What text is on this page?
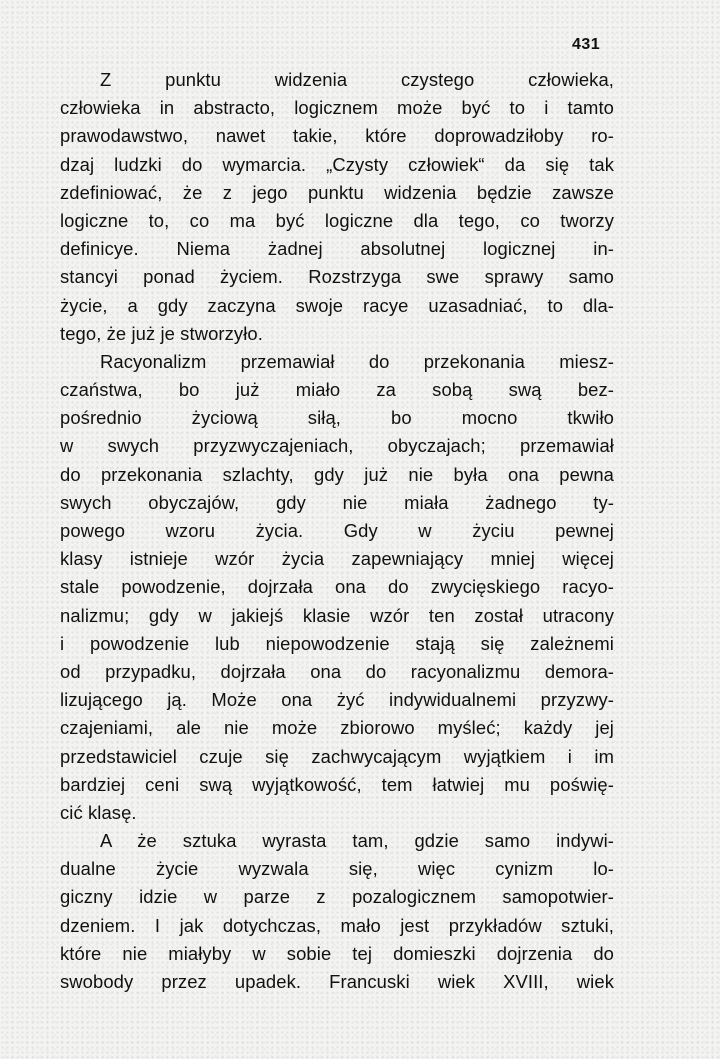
431
Z punktu widzenia czystego człowieka,
człowieka in abstracto, logicznem może być to i tamto
prawodawstwo, nawet takie, które doprowadziłoby ro-
dzaj ludzki do wymarcia. „Czysty człowiek“ da się tak
zdefiniować, że z jego punktu widzenia będzie zawsze
logiczne to, co ma być logiczne dla tego, co tworzy
definicye. Niema żadnej absolutnej logicznej in-
stancyi ponad życiem. Rozstrzyga swe sprawy samo
życie, a gdy zaczyna swoje racye uzasadniać, to dla-
tego, że już je stworzyło.
Racyonalizm przemawiał do przekonania miesz-
czaństwa, bo już miało za sobą swą bez-
pośrednio życiową siłą, bo mocno tkwiło
w swych przyzwyczajeniach, obyczajach; przemawiał
do przekonania szlachty, gdy już nie była ona pewna
swych obyczajów, gdy nie miała żadnego ty-
powego wzoru życia. Gdy w życiu pewnej
klasy istnieje wzór życia zapewniający mniej więcej
stale powodzenie, dojrzała ona do zwycięskiego racyo-
nalizmu; gdy w jakiejś klasie wzór ten został utracony
i powodzenie lub niepowodzenie stają się zależnemi
od przypadku, dojrzała ona do racyonalizmu demora-
lizującego ją. Może ona żyć indywidualnemi przyzwy-
czajeniami, ale nie może zbiorowo myśleć; każdy jej
przedstawiciel czuje się zachwycającym wyjątkiem i im
bardziej ceni swą wyjątkowość, tem łatwiej mu poświę-
cić klasę.
A że sztuka wyrasta tam, gdzie samo indywi-
dualne życie wyzwala się, więc cynizm lo-
giczny idzie w parze z pozalogicznem samopotwier-
dzeniem. I jak dotychczas, mało jest przykładów sztuki,
które nie miałyby w sobie tej domieszki dojrzenia do
swobody przez upadek. Francuski wiek XVIII, wiek
